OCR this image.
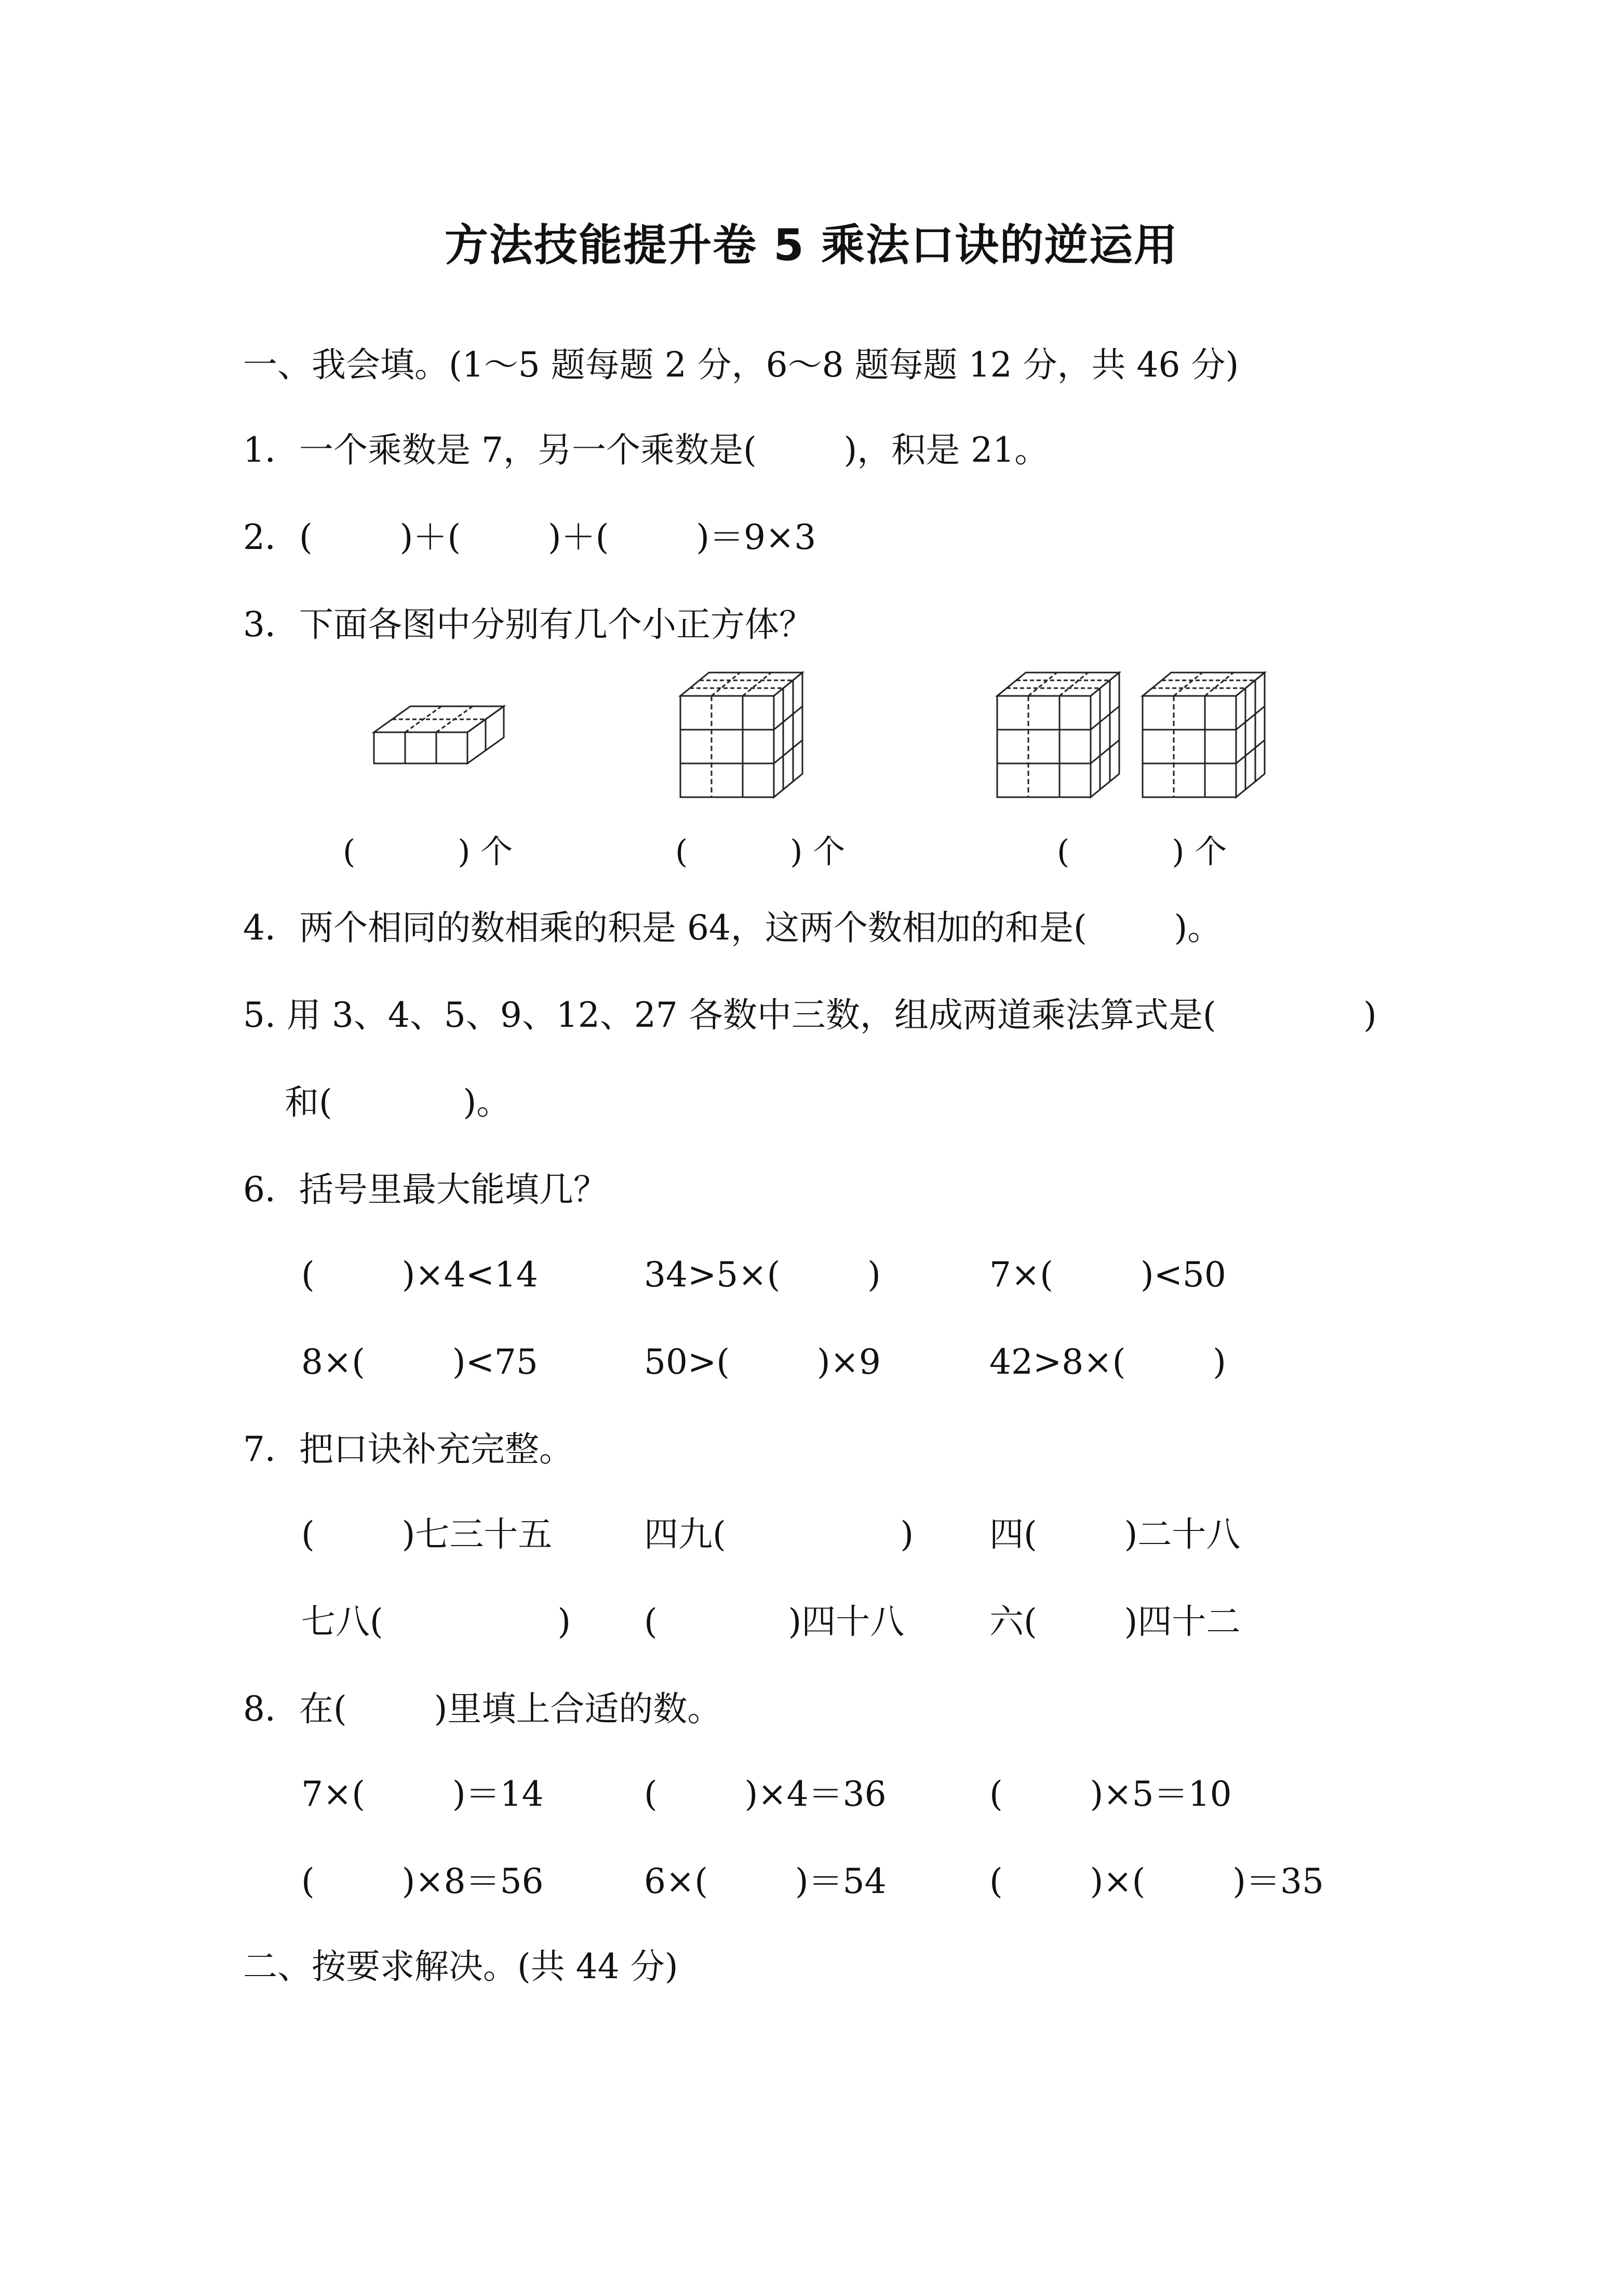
方法技能提升卷 5 乘法口诀的逆运用
一、我会填。(1～5 题每题 2 分，6～8 题每题 12 分，共 46 分)
1．一个乘数是 7，另一个乘数是(        )，积是 21。
2．(        )＋(        )＋(        )＝9×3
3．下面各图中分别有几个小正方体？
(          ) 个	(          ) 个	(          ) 个
4．两个相同的数相乘的积是 64，这两个数相加的和是(        )。
5. 用 3、4、5、9、12、27 各数中三数，组成两道乘法算式是(	)
和(            )。
6．括号里最大能填几？
(        )×4<14	34>5×(        )	7×(        )<50
8×(        )<75	50>(        )×9	42>8×(        )
7．把口诀补充完整。
(        )七三十五	四九(                ) 四(        )二十八
七八(                ) (            )四十八 六(        )四十二
8．在(        )里填上合适的数。
7×(        )＝14	(        )×4＝36	(        )×5＝10
(        )×8＝56	6×(        )＝54	(        )×(        )＝35
二、按要求解决。(共 44 分)
